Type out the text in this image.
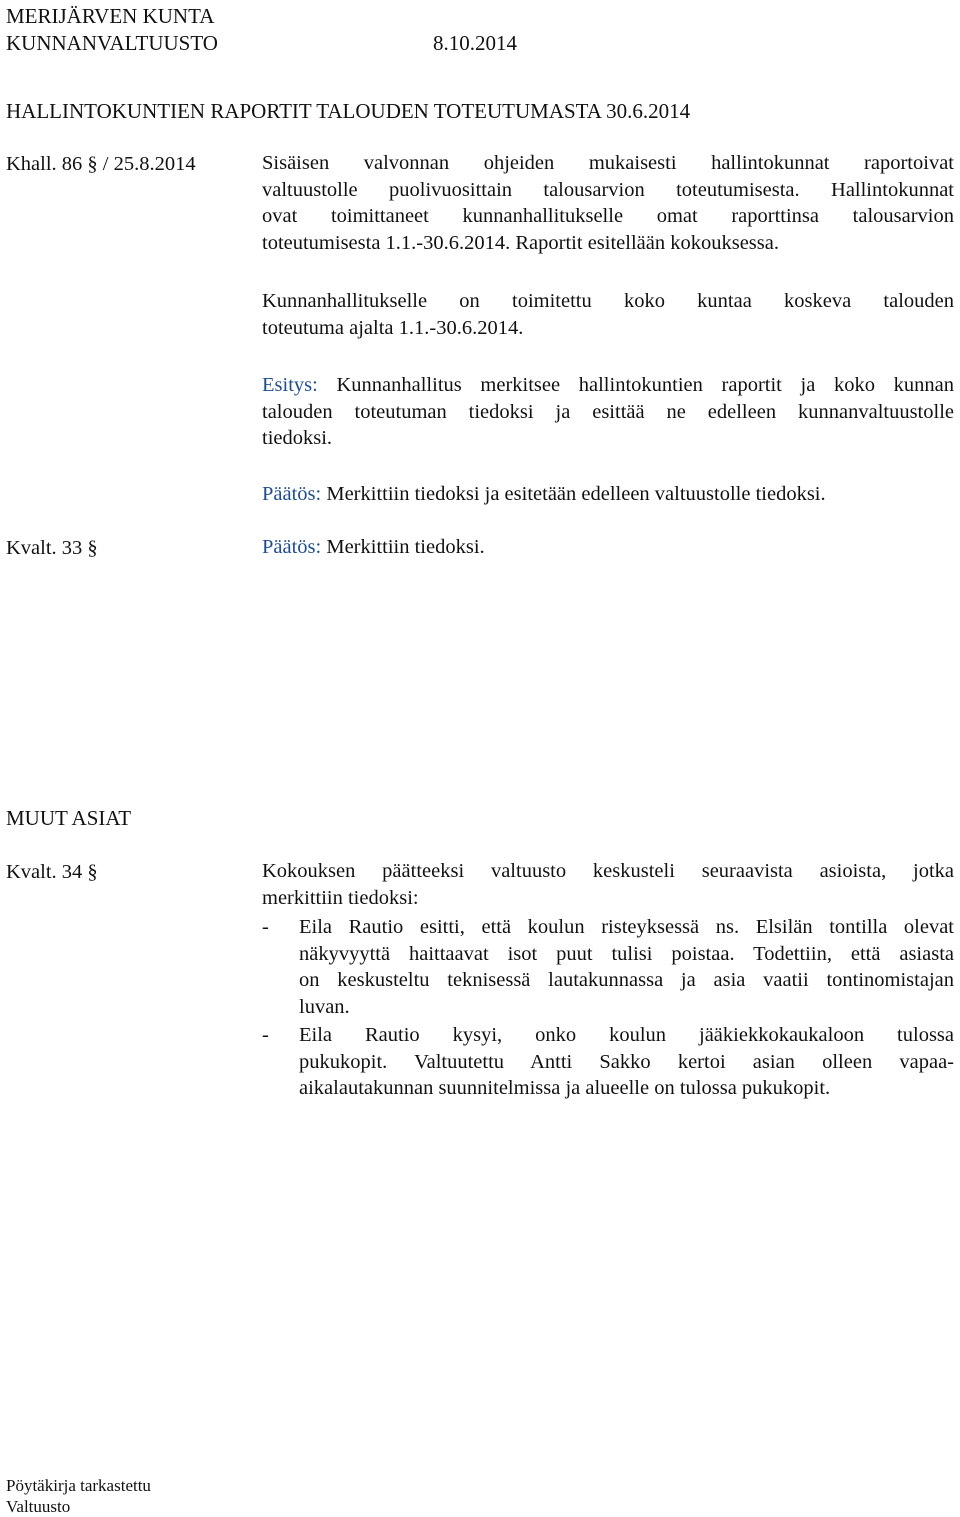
MERIJÄRVEN KUNTA
KUNNANVALTUUSTO	8.10.2014
HALLINTOKUNTIEN RAPORTIT TALOUDEN TOTEUTUMASTA 30.6.2014
Khall. 86 § / 25.8.2014	Sisäisen valvonnan ohjeiden mukaisesti hallintokunnat raportoivat
valtuustolle puolivuosittain talousarvion toteutumisesta. Hallintokunnat
ovat toimittaneet kunnanhallitukselle omat raporttinsa talousarvion
toteutumisesta 1.1.-30.6.2014. Raportit esitellään kokouksessa.
Kunnanhallitukselle on toimitettu koko kuntaa koskeva talouden
toteutuma ajalta 1.1.-30.6.2014.
Esitys: Kunnanhallitus merkitsee hallintokuntien raportit ja koko kunnan
talouden toteutuman tiedoksi ja esittää ne edelleen kunnanvaltuustolle
tiedoksi.
Päätös: Merkittiin tiedoksi ja esitetään edelleen valtuustolle tiedoksi.
Kvalt. 33 §	Päätös: Merkittiin tiedoksi.
MUUT ASIAT
Kvalt. 34 §	Kokouksen päätteeksi valtuusto keskusteli seuraavista asioista, jotka
merkittiin tiedoksi:
- Eila Rautio esitti, että koulun risteyksessä ns. Elsilän tontilla olevat
näkyvyyttä haittaavat isot puut tulisi poistaa. Todettiin, että asiasta
on keskusteltu teknisessä lautakunnassa ja asia vaatii tontinomistajan
luvan.
- Eila Rautio kysyi, onko koulun jääkiekkokaukaloon tulossa
pukukopit. Valtuutettu Antti Sakko kertoi asian olleen vapaa-
aikalautakunnan suunnitelmissa ja alueelle on tulossa pukukopit.
Pöytäkirja tarkastettu
Valtuusto
